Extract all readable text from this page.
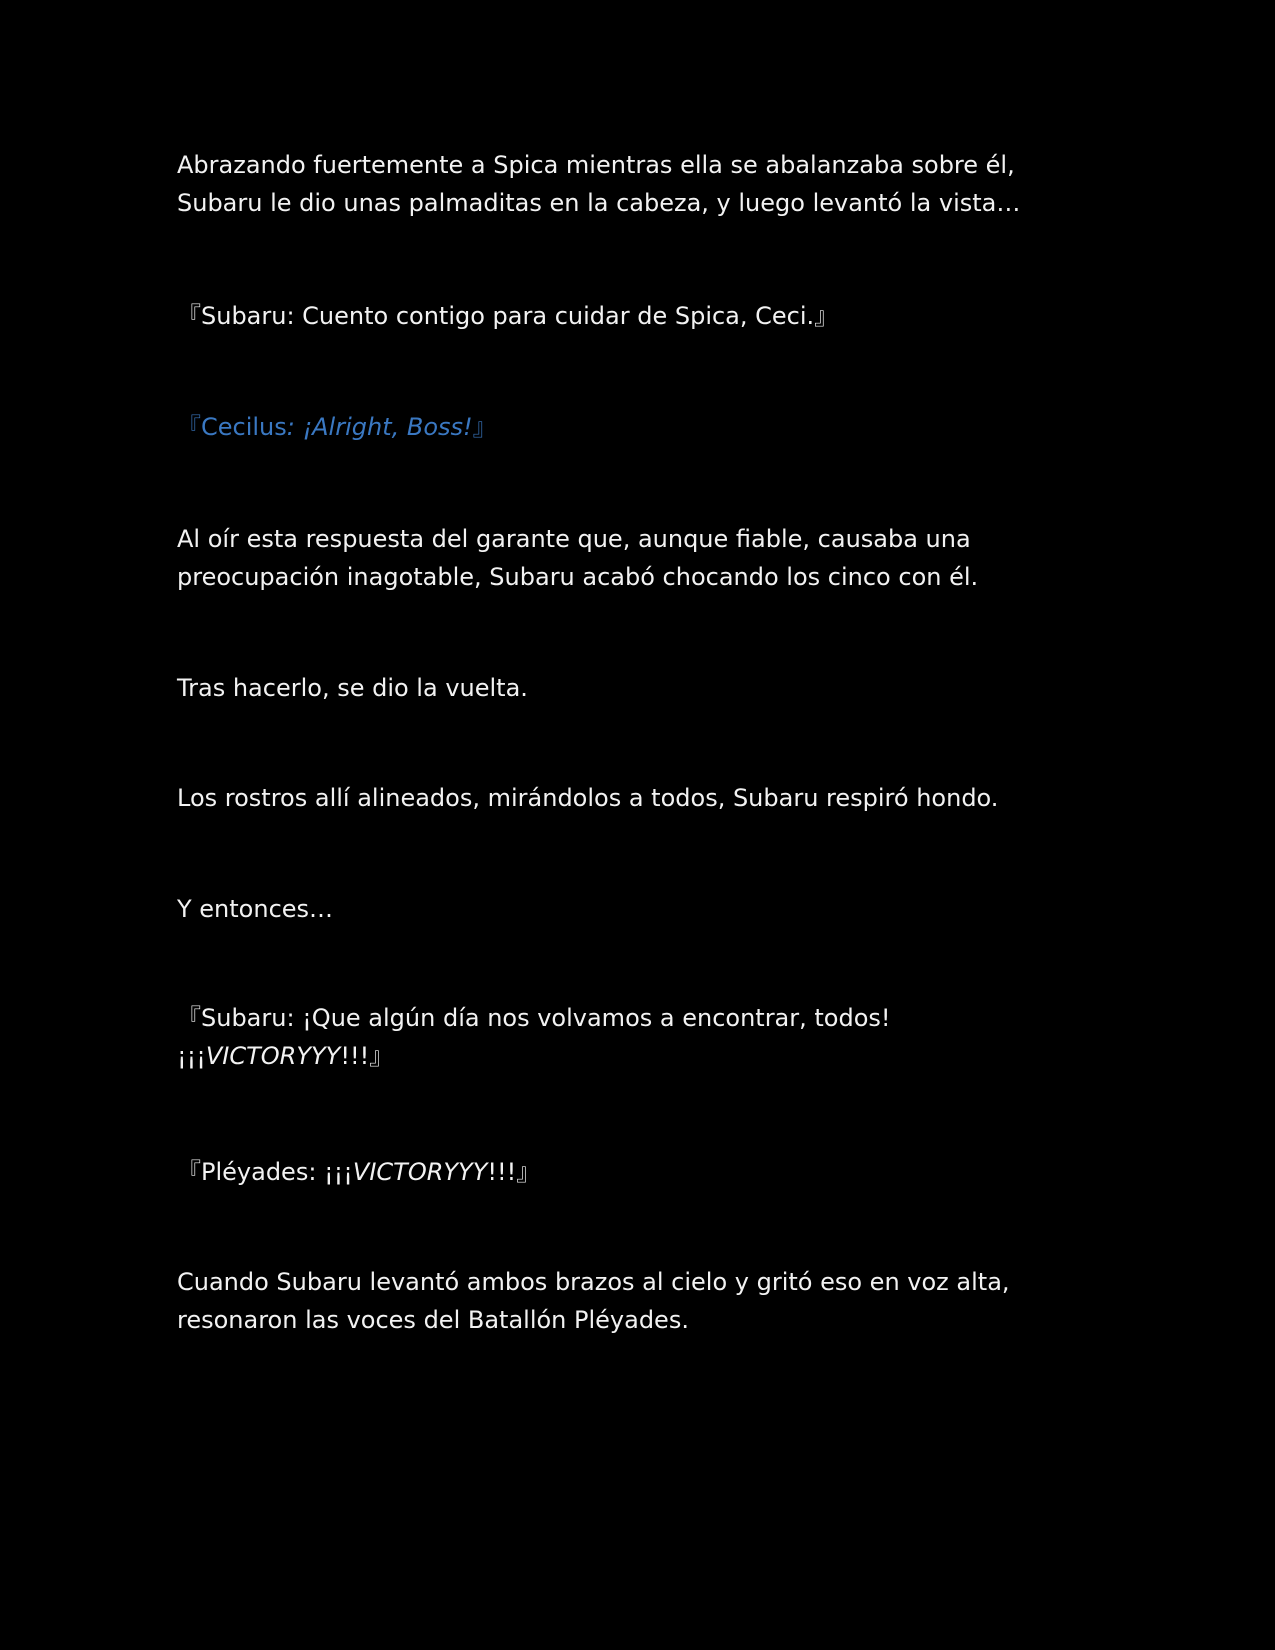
Abrazando fuertemente a Spica mientras ella se abalanzaba sobre él,
Subaru le dio unas palmaditas en la cabeza, y luego levantó la vista…

『Subaru: Cuento contigo para cuidar de Spica, Ceci.』

『Cecilus: ¡Alright, Boss!』

Al oír esta respuesta del garante que, aunque fiable, causaba una
preocupación inagotable, Subaru acabó chocando los cinco con él.

Tras hacerlo, se dio la vuelta.

Los rostros allí alineados, mirándolos a todos, Subaru respiró hondo.

Y entonces…

『Subaru: ¡Que algún día nos volvamos a encontrar, todos!
¡¡¡VICTORYYY!!!』

『Pléyades: ¡¡¡VICTORYYY!!!』

Cuando Subaru levantó ambos brazos al cielo y gritó eso en voz alta,
resonaron las voces del Batallón Pléyades.
